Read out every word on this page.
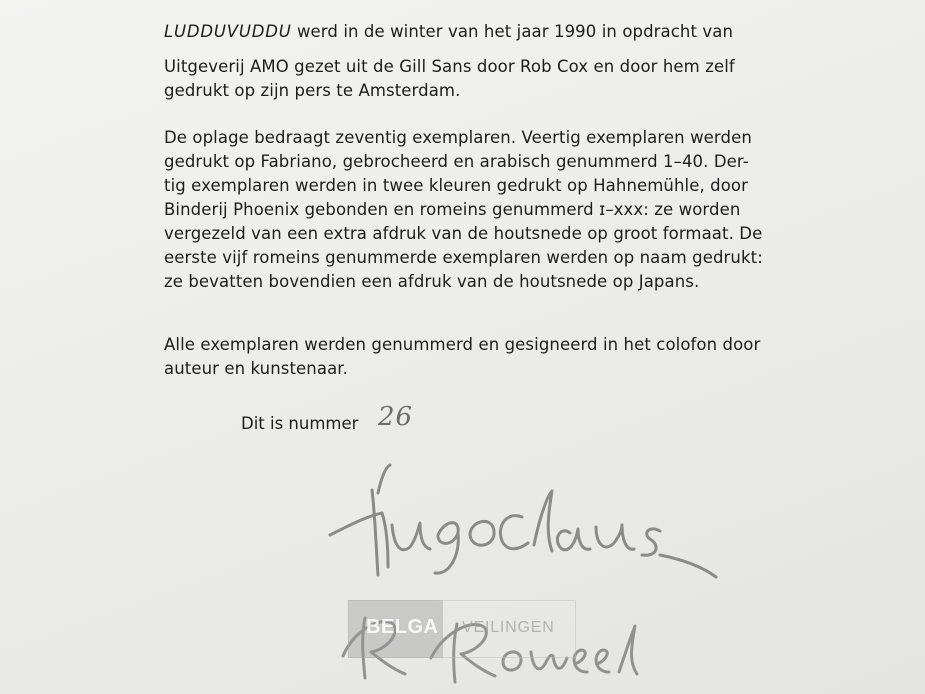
LUDDUVUDDU werd in de winter van het jaar 1990 in opdracht van
Uitgeverij AMO gezet uit de Gill Sans door Rob Cox en door hem zelf
gedrukt op zijn pers te Amsterdam.
De oplage bedraagt zeventig exemplaren. Veertig exemplaren werden
gedrukt op Fabriano, gebrocheerd en arabisch genummerd 1–40. Der-
tig exemplaren werden in twee kleuren gedrukt op Hahnemühle, door
Binderij Phoenix gebonden en romeins genummerd ɪ–xxx: ze worden
vergezeld van een extra afdruk van de houtsnede op groot formaat. De
eerste vijf romeins genummerde exemplaren werden op naam gedrukt:
ze bevatten bovendien een afdruk van de houtsnede op Japans.
Alle exemplaren werden genummerd en gesigneerd in het colofon door
auteur en kunstenaar.
Dit is nummer 26
BELGA VEILINGEN
